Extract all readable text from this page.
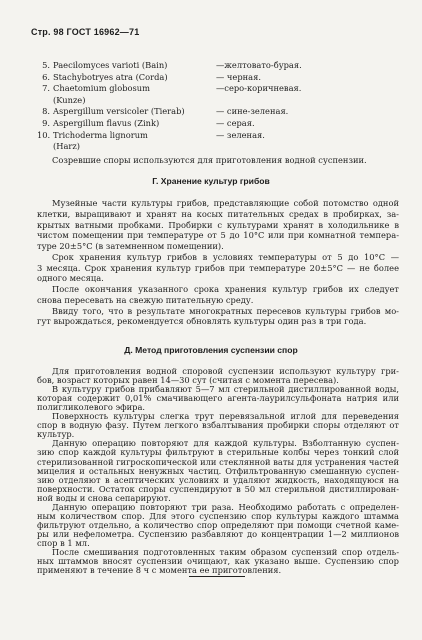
Стр. 98 ГОСТ 16962—71
5. Paecilomyces varioti (Bain)	—желтовато-бурая.
6. Stachybotryes atra (Corda)	— черная.
7. Chaetomium globosum	—серо-коричневая.
(Kunze)
8. Aspergillum versicoler (Tierab)	— сине-зеленая.
9. Aspergillum flavus (Zink)	— серая.
10. Trichoderma lignorum	— зеленая.
(Harz)
Созревшие споры используются для приготовления водной суспензии.
Г. Хранение культур грибов
Музейные части культуры грибов, представляющие собой потомство одной
клетки, выращивают и хранят на косых питательных средах в пробирках, за-
крытых ватными пробками. Пробирки с культурами хранят в холодильнике в
чистом помещении при температуре от 5 до 10°С или при комнатной темпера-
туре 20±5°С (в затемненном помещении).
Срок хранения культур грибов в условиях температуры от 5 до 10°С —
3 месяца. Срок хранения культур грибов при температуре 20±5°С — не более
одного месяца.
После окончания указанного срока хранения культур грибов их следует
снова пересевать на свежую питательную среду.
Ввиду того, что в результате многократных пересевов культуры грибов мо-
гут вырождаться, рекомендуется обновлять культуры один раз в три года.
Д. Метод приготовления суспензии спор
Для приготовления водной споровой суспензии используют культуру гри-
бов, возраст которых равен 14—30 сут (считая с момента пересева).
В культуру грибов прибавляют 5—7 мл стерильной дистиллированной воды,
которая содержит 0,01% смачивающего агента-лаурилсульфоната натрия или
полигликолевого эфира.
Поверхность культуры слегка трут перевязальной иглой для переведения
спор в водную фазу. Путем легкого взбалтывания пробирки споры отделяют от
культур.
Данную операцию повторяют для каждой культуры. Взболтанную суспен-
зию спор каждой культуры фильтруют в стерильные колбы через тонкий слой
стерилизованной гигроскопической или стеклянной ваты для устранения частей
мицелия и остальных ненужных частиц. Отфильтрованную смешанную суспен-
зию отделяют в асептических условиях и удаляют жидкость, находящуюся на
поверхности. Остаток споры суспендируют в 50 мл стерильной дистиллирован-
ной воды и снова сепарируют.
Данную операцию повторяют три раза. Необходимо работать с определен-
ным количеством спор. Для этого суспензию спор культуры каждого штамма
фильтруют отдельно, а количество спор определяют при помощи счетной каме-
ры или нефелометра. Суспензию разбавляют до концентрации 1—2 миллионов
спор в 1 мл.
После смешивания подготовленных таким образом суспензий спор отдель-
ных штаммов вносят суспензии очищают, как указано выше. Суспензию спор
применяют в течение 8 ч с момента ее приготовления.
